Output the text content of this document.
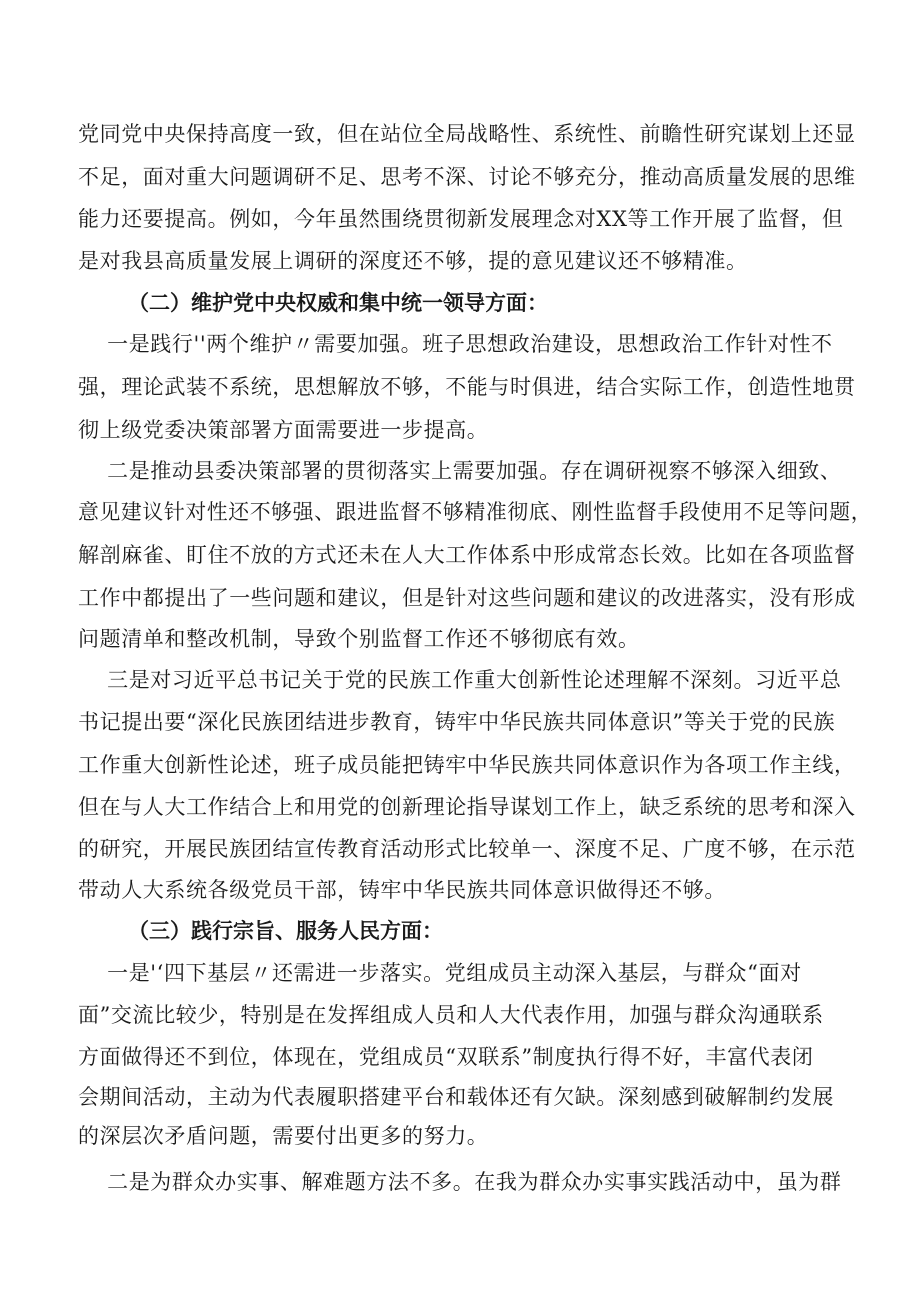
党同党中央保持高度一致，但在站位全局战略性、系统性、前瞻性研究谋划上还显
不足，面对重大问题调研不足、思考不深、讨论不够充分，推动高质量发展的思维
能力还要提高。例如，今年虽然围绕贯彻新发展理念对XX等工作开展了监督，但
是对我县高质量发展上调研的深度还不够，提的意见建议还不够精准。
（二）维护党中央权威和集中统一领导方面：
一是践行''两个维护〃需要加强。班子思想政治建设，思想政治工作针对性不
强，理论武装不系统，思想解放不够，不能与时俱进，结合实际工作，创造性地贯
彻上级党委决策部署方面需要进一步提高。
二是推动县委决策部署的贯彻落实上需要加强。存在调研视察不够深入细致、
意见建议针对性还不够强、跟进监督不够精准彻底、刚性监督手段使用不足等问题，
解剖麻雀、盯住不放的方式还未在人大工作体系中形成常态长效。比如在各项监督
工作中都提出了一些问题和建议，但是针对这些问题和建议的改进落实，没有形成
问题清单和整改机制，导致个别监督工作还不够彻底有效。
三是对习近平总书记关于党的民族工作重大创新性论述理解不深刻。习近平总
书记提出要“深化民族团结进步教育，铸牢中华民族共同体意识”等关于党的民族
工作重大创新性论述，班子成员能把铸牢中华民族共同体意识作为各项工作主线，
但在与人大工作结合上和用党的创新理论指导谋划工作上，缺乏系统的思考和深入
的研究，开展民族团结宣传教育活动形式比较单一、深度不足、广度不够，在示范
带动人大系统各级党员干部，铸牢中华民族共同体意识做得还不够。
（三）践行宗旨、服务人民方面：
一是'‘四下基层〃还需进一步落实。党组成员主动深入基层，与群众“面对
面”交流比较少，特别是在发挥组成人员和人大代表作用，加强与群众沟通联系
方面做得还不到位，体现在，党组成员“双联系”制度执行得不好，丰富代表闭
会期间活动，主动为代表履职搭建平台和载体还有欠缺。深刻感到破解制约发展
的深层次矛盾问题，需要付出更多的努力。
二是为群众办实事、解难题方法不多。在我为群众办实事实践活动中，虽为群
